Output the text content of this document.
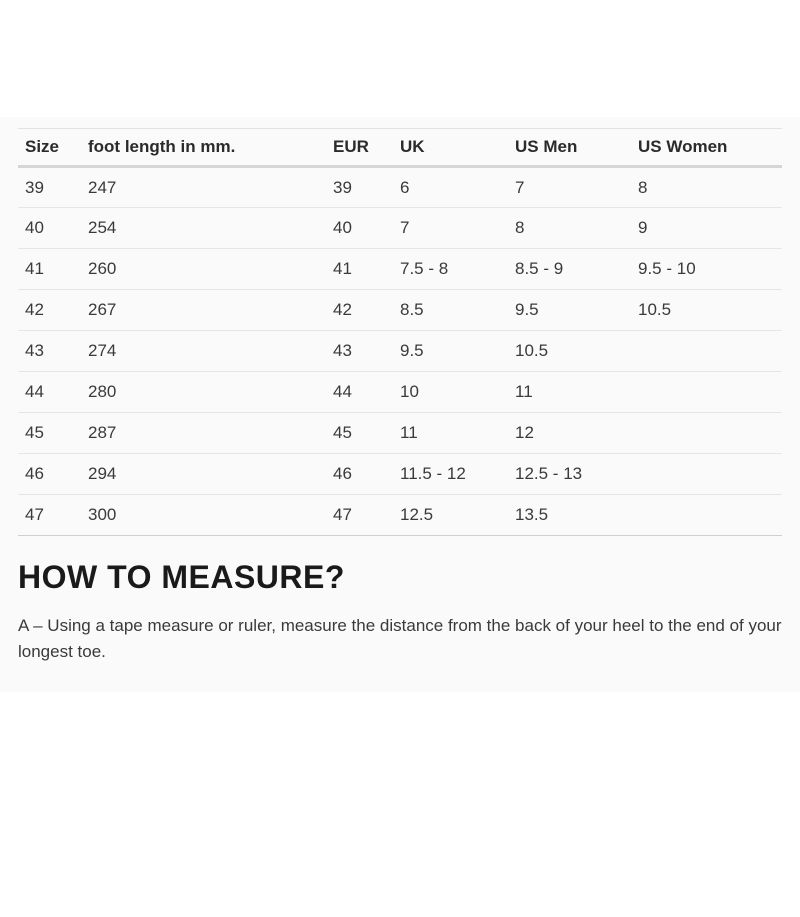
Size	foot length in mm.	EUR	UK	US Men	US Women
39	247	39	6	7	8
40	254	40	7	8	9
41	260	41	7.5 - 8	8.5 - 9	9.5 - 10
42	267	42	8.5	9.5	10.5
43	274	43	9.5	10.5	
44	280	44	10	11	
45	287	45	11	12	
46	294	46	11.5 - 12	12.5 - 13	
47	300	47	12.5	13.5	
HOW TO MEASURE?

A – Using a tape measure or ruler, measure the distance from the back of your heel to the end of your longest toe.
